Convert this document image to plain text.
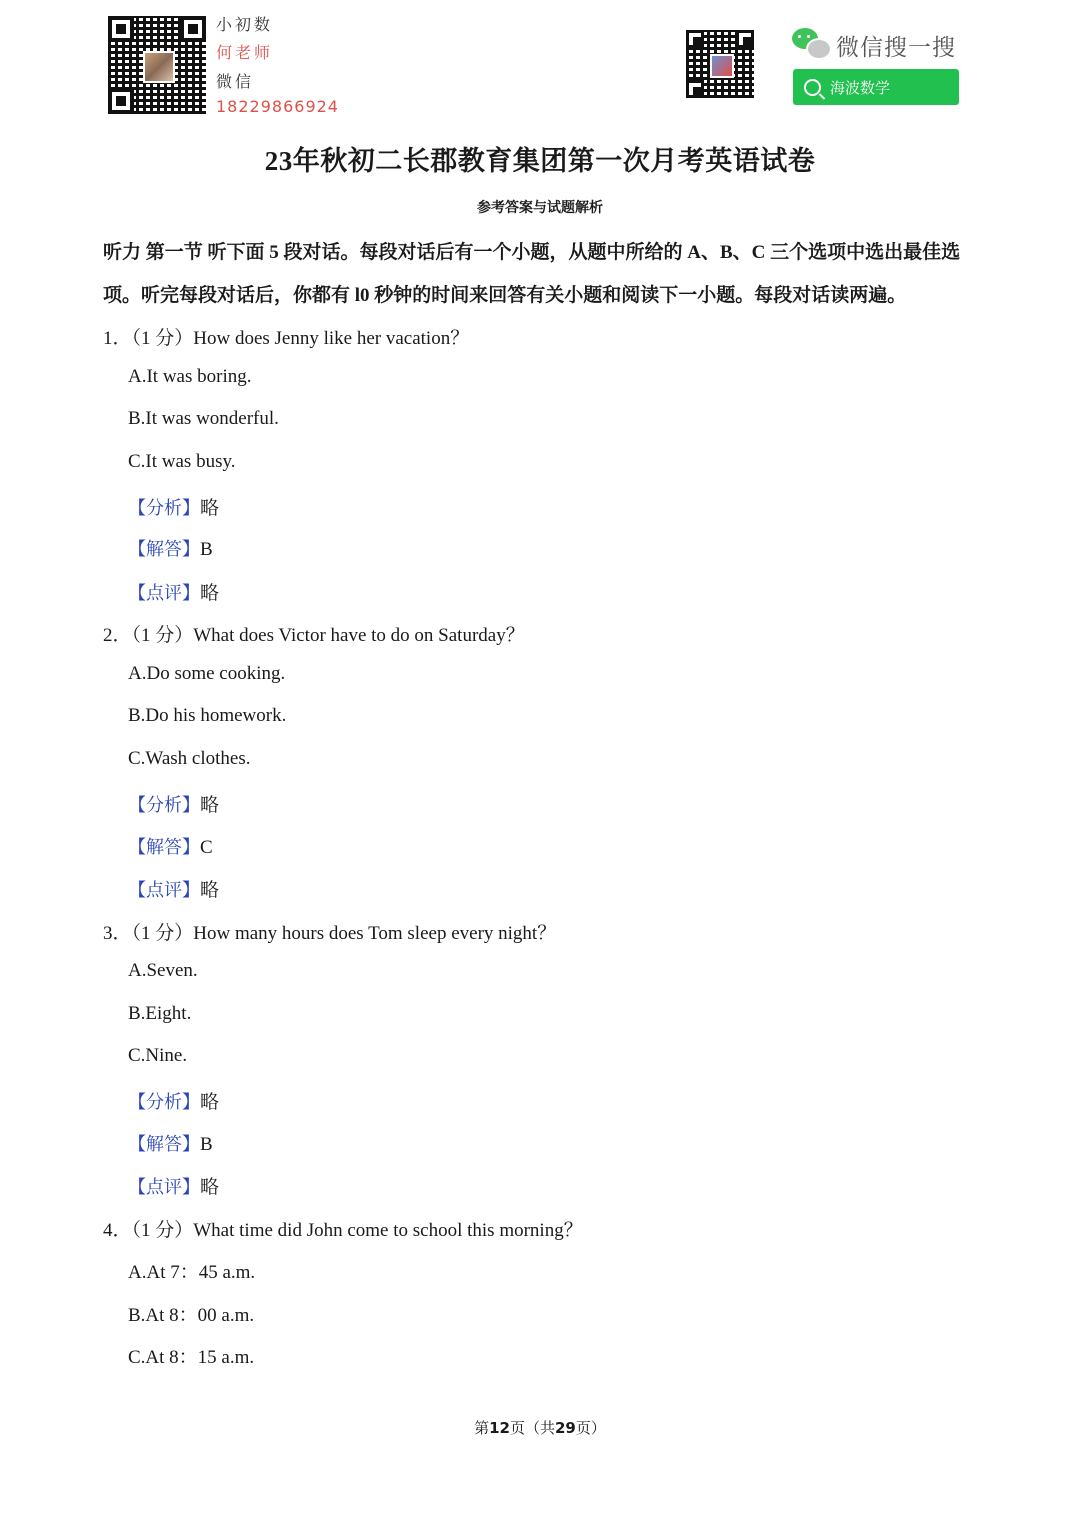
小初数
何老师
微信
18229866924
微信搜一搜
海波数学
23年秋初二长郡教育集团第一次月考英语试卷
参考答案与试题解析
听力 第一节 听下面 5 段对话。每段对话后有一个小题，从题中所给的 A、B、C 三个选项中选出最佳选
项。听完每段对话后，你都有 l0 秒钟的时间来回答有关小题和阅读下一小题。每段对话读两遍。
1．（1 分）How does Jenny like her vacation？
A.It was boring.
B.It was wonderful.
C.It was busy.
【分析】略
【解答】B
【点评】略
2．（1 分）What does Victor have to do on Saturday？
A.Do some cooking.
B.Do his homework.
C.Wash clothes.
【分析】略
【解答】C
【点评】略
3．（1 分）How many hours does Tom sleep every night？
A.Seven.
B.Eight.
C.Nine.
【分析】略
【解答】B
【点评】略
4．（1 分）What time did John come to school this morning？
A.At 7：45 a.m.
B.At 8：00 a.m.
C.At 8：15 a.m.
第12页（共29页）
